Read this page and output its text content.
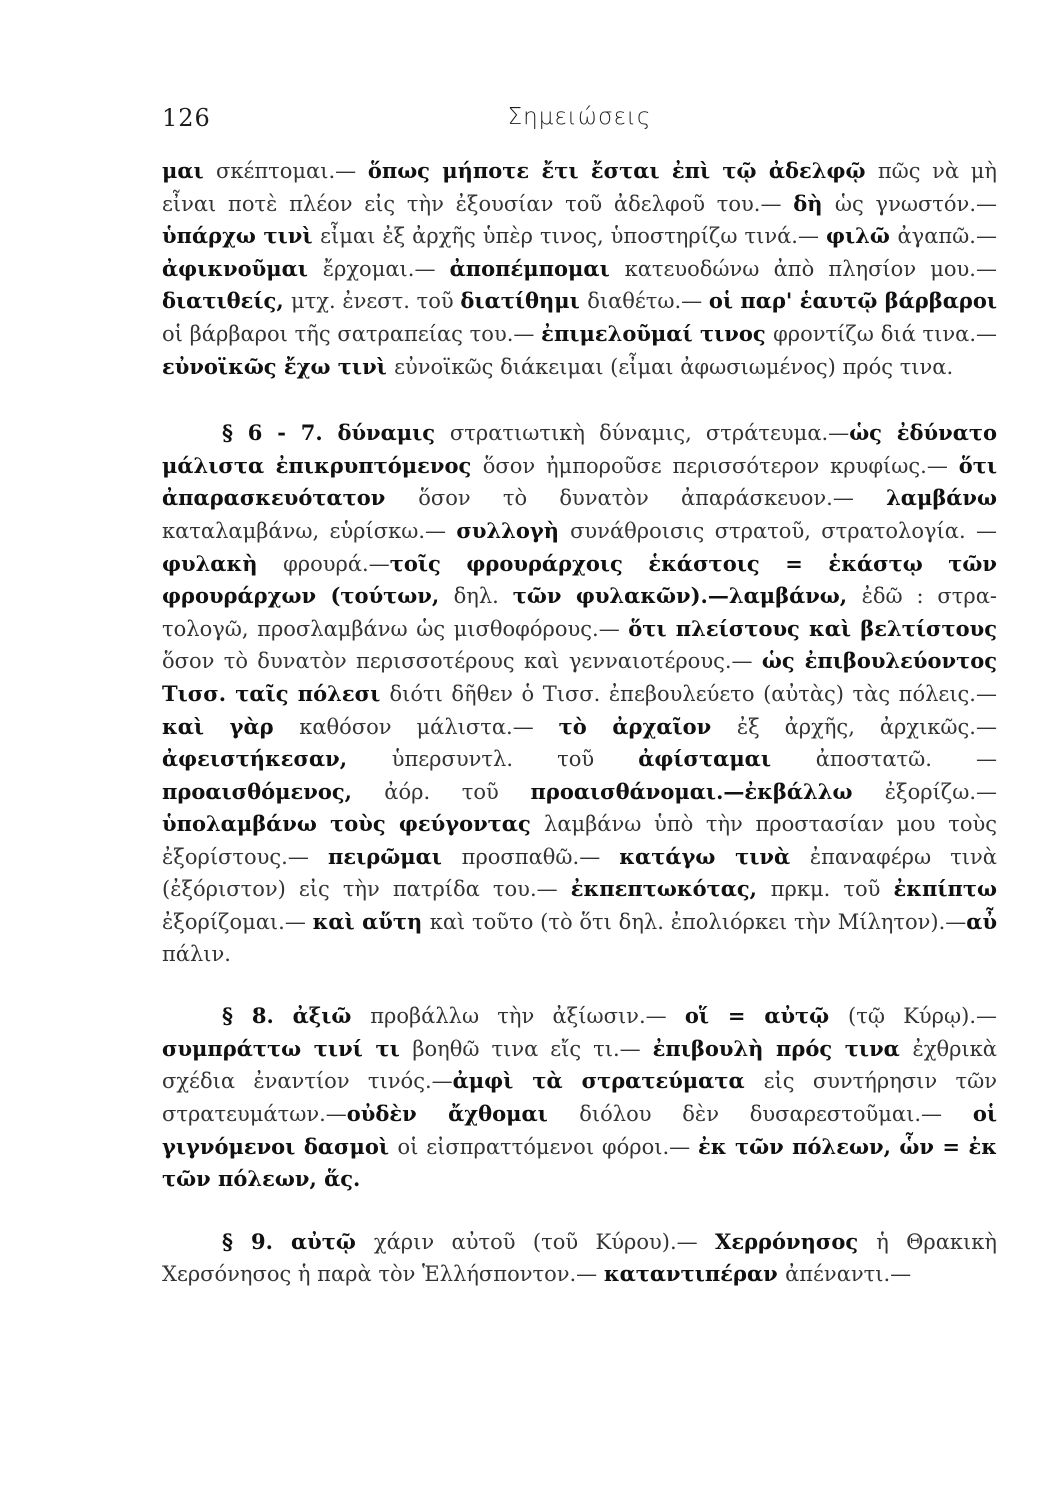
126	Σημειώσεις

μαι σκέπτομαι.— ὅπως μήποτε ἔτι ἔσται ἐπὶ τῷ ἀδελφῷ πῶς νὰ μὴ εἶναι ποτὲ πλέον εἰς τὴν ἐξουσίαν τοῦ ἀδελφοῦ του.— δὴ ὡς γνωστόν.— ὑπάρχω τινὶ εἶμαι ἐξ ἀρχῆς ὑπὲρ τινος, ὑποστηρίζω τινά.— φιλῶ ἀγαπῶ.— ἀφικνοῦμαι ἔρχομαι.— ἀποπέμπομαι κατευοδώνω ἀπὸ πλησίον μου.— διατιθείς, μτχ. ἐνεστ. τοῦ διατίθημι διαθέτω.— οἱ παρ' ἑαυτῷ βάρβαροι οἱ βάρβαροι τῆς σατραπείας του.— ἐπιμελοῦμαί τινος φροντίζω διά τινα.— εὐνοϊκῶς ἔχω τινὶ εὐνοϊκῶς διάκειμαι (εἶμαι ἀφωσιωμένος) πρός τινα.

§ 6 - 7. δύναμις στρατιωτικὴ δύναμις, στράτευμα.—ὡς ἐδύνατο μάλιστα ἐπικρυπτόμενος ὅσον ἠμποροῦσε περισσότερον κρυφίως.— ὅτι ἀπαρασκευότατον ὅσον τὸ δυνατὸν ἀπαράσκευον.— λαμβάνω καταλαμβάνω, εὑρίσκω.— συλλογὴ συνάθροισις στρατοῦ, στρατολογία. — φυλακὴ φρουρά.—τοῖς φρουράρχοις ἑκάστοις = ἑκάστῳ τῶν φρουράρχων (τούτων, δηλ. τῶν φυλακῶν).—λαμβάνω, ἐδῶ : στρατολογῶ, προσλαμβάνω ὡς μισθοφόρους.— ὅτι πλείστους καὶ βελτίστους ὅσον τὸ δυνατὸν περισσοτέρους καὶ γενναιοτέρους.— ὡς ἐπιβουλεύοντος Τισσ. ταῖς πόλεσι διότι δῆθεν ὁ Τισσ. ἐπεβουλεύετο (αὐτὰς) τὰς πόλεις.— καὶ γὰρ καθόσον μάλιστα.— τὸ ἀρχαῖον ἐξ ἀρχῆς, ἀρχικῶς.—ἀφειστήκεσαν, ὑπερσυντλ. τοῦ ἀφίσταμαι ἀποστατῶ. — προαισθόμενος, ἀόρ. τοῦ προαισθάνομαι.—ἐκβάλλω ἐξορίζω.— ὑπολαμβάνω τοὺς φεύγοντας λαμβάνω ὑπὸ τὴν προστασίαν μου τοὺς ἐξορίστους.— πειρῶμαι προσπαθῶ.— κατάγω τινὰ ἐπαναφέρω τινὰ (ἐξόριστον) εἰς τὴν πατρίδα του.— ἐκπεπτωκότας, πρκμ. τοῦ ἐκπίπτω ἐξορίζομαι.— καὶ αὕτη καὶ τοῦτο (τὸ ὅτι δηλ. ἐπολιόρκει τὴν Μίλητον).—αὖ πάλιν.

§ 8. ἀξιῶ προβάλλω τὴν ἀξίωσιν.— οἵ = αὐτῷ (τῷ Κύρῳ).— συμπράττω τινί τι βοηθῶ τινα εἴς τι.— ἐπιβουλὴ πρός τινα ἐχθρικὰ σχέδια ἐναντίον τινός.—ἀμφὶ τὰ στρατεύματα εἰς συντήρησιν τῶν στρατευμάτων.—οὐδὲν ἄχθομαι διόλου δὲν δυσαρεστοῦμαι.— οἱ γιγνόμενοι δασμοὶ οἱ εἰσπραττόμενοι φόροι.— ἐκ τῶν πόλεων, ὧν = ἐκ τῶν πόλεων, ἅς.

§ 9. αὐτῷ χάριν αὐτοῦ (τοῦ Κύρου).— Χερρόνησος ἡ Θρακικὴ Χερσόνησος ἡ παρὰ τὸν Ἑλλήσποντον.— καταντιπέραν ἀπέναντι.—
